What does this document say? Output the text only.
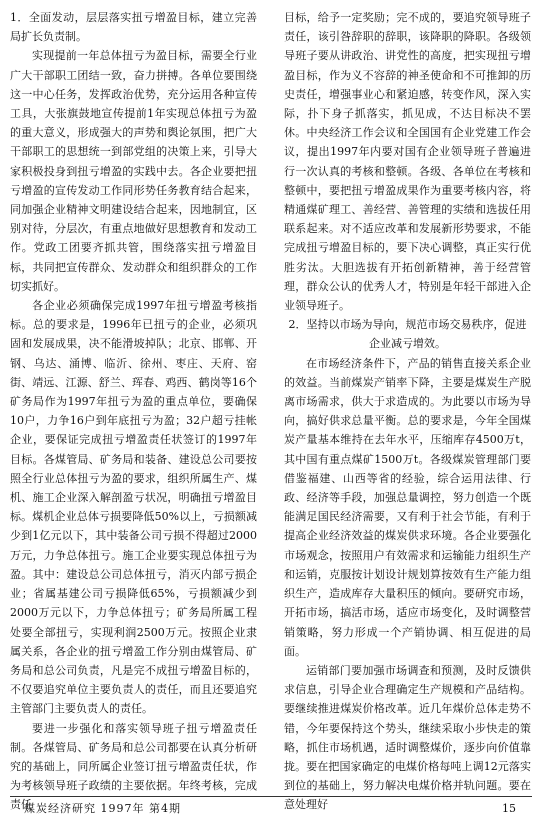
1．全面发动，层层落实扭亏增盈目标，建立完善局扩长负责制。

实现提前一年总体扭亏为盈目标，需要全行业广大干部职工团结一致，奋力拼搏。各单位要围绕这一中心任务，发挥政治优势，充分运用各种宣传工具，大张旗鼓地宣传提前1年实现总体扭亏为盈的重大意义，形成强大的声势和舆论氛围，把广大干部职工的思想统一到部党组的决策上来，引导大家积极投身到扭亏增盈的实践中去。各企业要把扭亏增盈的宣传发动工作同形势任务教育结合起来，同加强企业精神文明建设结合起来，因地制宜，区别对待，分层次，有重点地做好思想教育和发动工作。党政工团要齐抓共管，围绕落实扭亏增盈目标，共同把宣传群众、发动群众和组织群众的工作切实抓好。

各企业必须确保完成1997年扭亏增盈考核指标。总的要求是，1996年已扭亏的企业，必须巩固和发展成果，决不能滑坡掉队；北京、邯郸、开钢、乌达、涌博、临沂、徐州、枣庄、天府、窑街、靖远、江源、舒兰、珲春、鸡西、鹤岗等16个矿务局作为1997年扭亏为盈的重点单位，要确保10户，力争16户到年底扭亏为盈；32户超亏挂帐企业，要保证完成扭亏增盈责任状签订的1997年目标。各煤管局、矿务局和装备、建设总公司要按照全行业总体扭亏为盈的要求，组织所属生产、煤机、施工企业深入解剖盈亏状况，明确扭亏增盈目标。煤机企业总体亏损要降低50%以上，亏损额减少到1亿元以下，其中装备公司亏损不得超过2000万元，力争总体扭亏。施工企业要实现总体扭亏为盈。其中：建设总公司总体扭亏，消灭内部亏损企业；省属基建公司亏损降低65%，亏损额减少到2000万元以下，力争总体扭亏；矿务局所属工程处要全部扭亏，实现利润2500万元。按照企业隶属关系，各企业的扭亏增盈工作分别由煤管局、矿务局和总公司负责，凡是完不成扭亏增盈目标的，不仅要追究单位主要负责人的责任，而且还要追究主管部门主要负责人的责任。

要进一步强化和落实领导班子扭亏增盈责任制。各煤管局、矿务局和总公司都要在认真分析研究的基础上，同所属企业签订扭亏增盈责任状，作为考核领导班子政绩的主要依据。年终考核，完成责任

目标，给予一定奖励；完不成的，要追究领导班子责任，该引咎辞职的辞职，该降职的降职。各级领导班子要从讲政治、讲党性的高度，把实现扭亏增盈目标，作为义不容辞的神圣使命和不可推卸的历史责任，增强事业心和紧迫感，转变作风，深入实际，扑下身子抓落实，抓见成，不达目标决不罢休。中央经济工作会议和全国国有企业党建工作会议，提出1997年内要对国有企业领导班子普遍进行一次认真的考核和整顿。各级、各单位在考核和整顿中，要把扭亏增盈成果作为重要考核内容，将精通煤矿理工、善经营、善管理的实绩和选拔任用联系起来。对不适应改革和发展新形势要求，不能完成扭亏增盈目标的，要下决心调整，真正实行优胜劣汰。大胆选拔有开拓创新精神，善于经营管理，群众公认的优秀人才，特别是年轻干部进入企业领导班子。

2．坚持以市场为导向，规范市场交易秩序，促进企业减亏增效。

在市场经济条件下，产品的销售直接关系企业的效益。当前煤炭产销率下降，主要是煤炭生产脱离市场需求，供大于求造成的。为此要以市场为导向，搞好供求总量平衡。总的要求是，今年全国煤炭产量基本维持在去年水平，压缩库存4500万t，其中国有重点煤矿1500万t。各级煤炭管理部门要借鉴福建、山西等省的经验，综合运用法律、行政、经济等手段，加强总量调控，努力创造一个既能满足国民经济需要，又有利于社会节能，有利于提高企业经济效益的煤炭供求环境。各企业要强化市场观念，按照用户有效需求和运输能力组织生产和运销，克服按计划设计规划算按效有生产能力组织生产，造成库存大量积压的倾向。要研究市场，开拓市场，搞活市场，适应市场变化，及时调整营销策略，努力形成一个产销协调、相互促进的局面。

运销部门要加强市场调查和预测，及时反馈供求信息，引导企业合理确定生产规模和产品结构。要继续推进煤炭价格改革。近几年煤价总体走势不错，今年要保持这个势头，继续采取小步快走的策略，抓住市场机遇，适时调整煤价，逐步向价值靠拢。要在把国家确定的电煤价格每吨上调12元落实到位的基础上，努力解决电煤价格并轨问题。要在意处理好

煤炭经济研究 1997年 第4期	15
